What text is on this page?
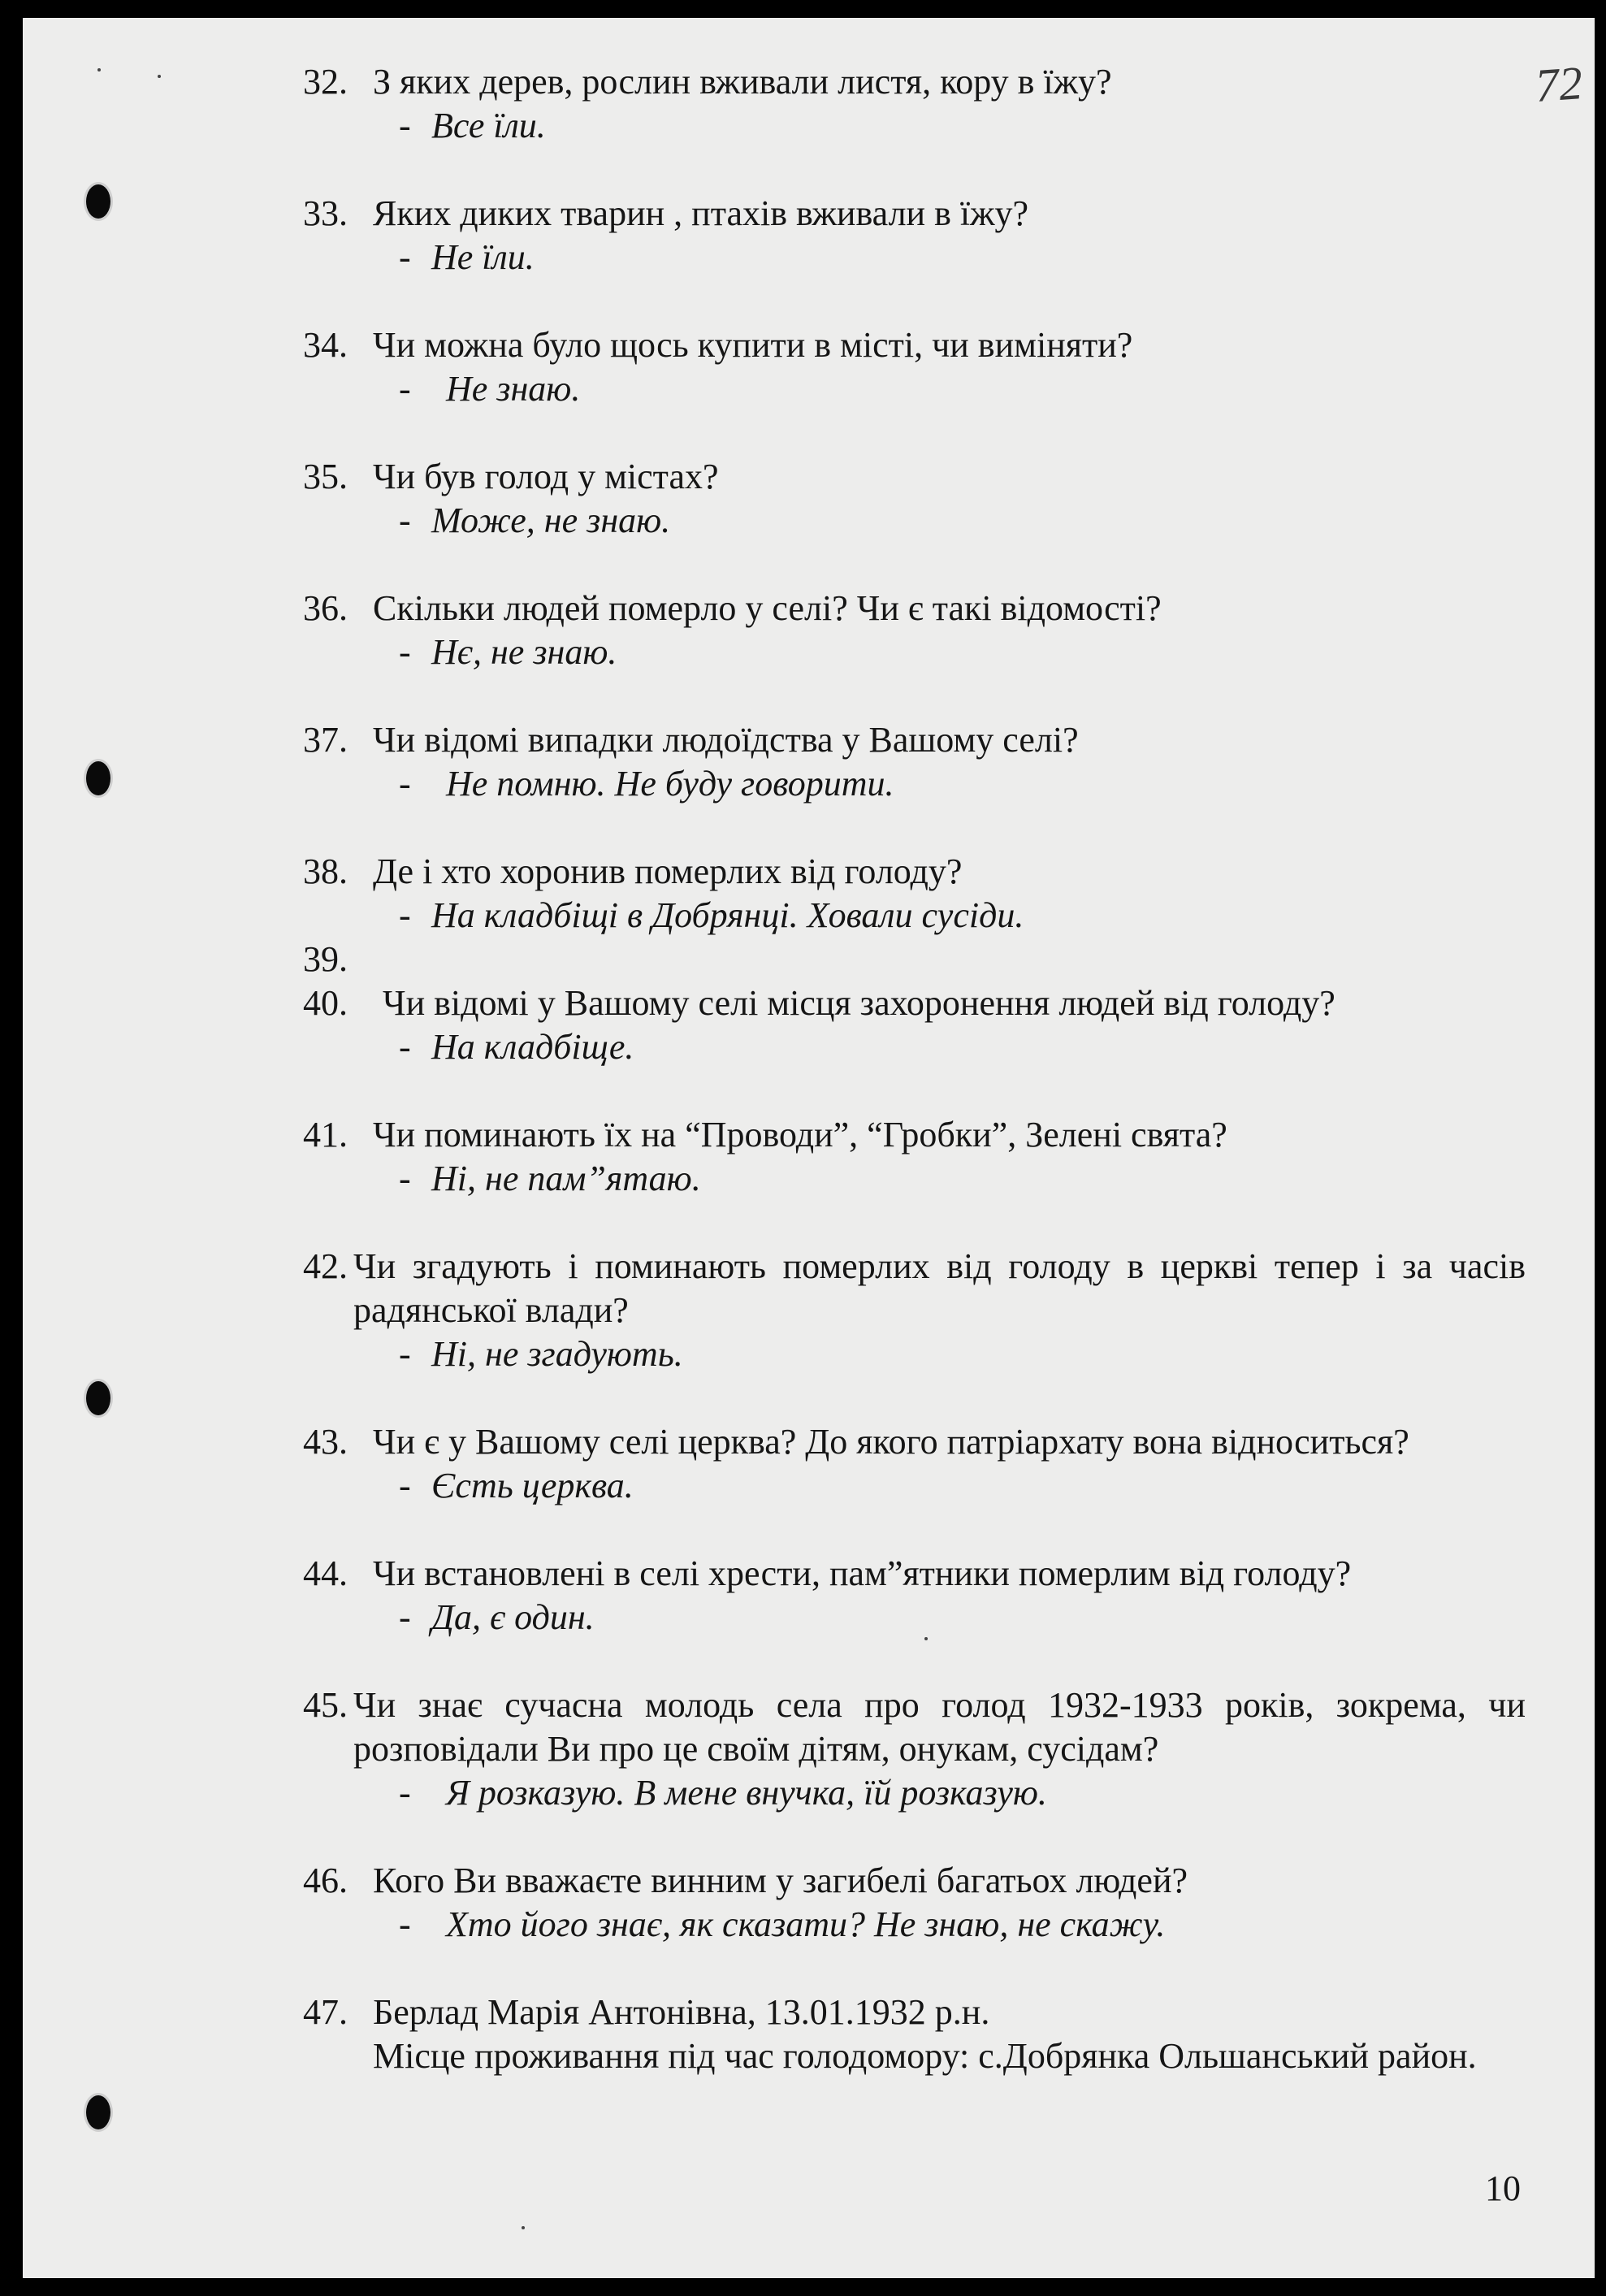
72
32. З яких дерев, рослин вживали листя, кору в їжу?
- Все їли.
33. Яких диких тварин , птахів вживали в їжу?
- Не їли.
34. Чи можна було щось купити в місті, чи виміняти?
- Не знаю.
35. Чи був голод у містах?
- Може, не знаю.
36. Скільки людей померло у селі? Чи є такі відомості?
- Нє, не знаю.
37. Чи відомі випадки людоїдства у Вашому селі?
- Не помню. Не буду говорити.
38. Де і хто хоронив померлих від голоду?
- На кладбіщі в Добрянці. Ховали сусіди.
39.
40. Чи відомі у Вашому селі місця захоронення людей від голоду?
- На кладбіще.
41. Чи поминають їх на “Проводи”, “Гробки”, Зелені свята?
- Ні, не пам”ятаю.
42. Чи згадують і поминають померлих від голоду в церкві тепер і за часів радянської влади?
- Ні, не згадують.
43. Чи є у Вашому селі церква? До якого патріархату вона відноситься?
- Єсть церква.
44. Чи встановлені в селі хрести, пам”ятники померлим від голоду?
- Да, є один.
45. Чи знає сучасна молодь села про голод 1932-1933 років, зокрема, чи розповідали Ви про це своїм дітям, онукам, сусідам?
- Я розказую. В мене внучка, їй розказую.
46. Кого Ви вважаєте винним у загибелі багатьох людей?
- Хто його знає, як сказати? Не знаю, не скажу.
47. Берлад Марія Антонівна, 13.01.1932 р.н.
Місце проживання під час голодомору: с.Добрянка Ольшанський район.
10
